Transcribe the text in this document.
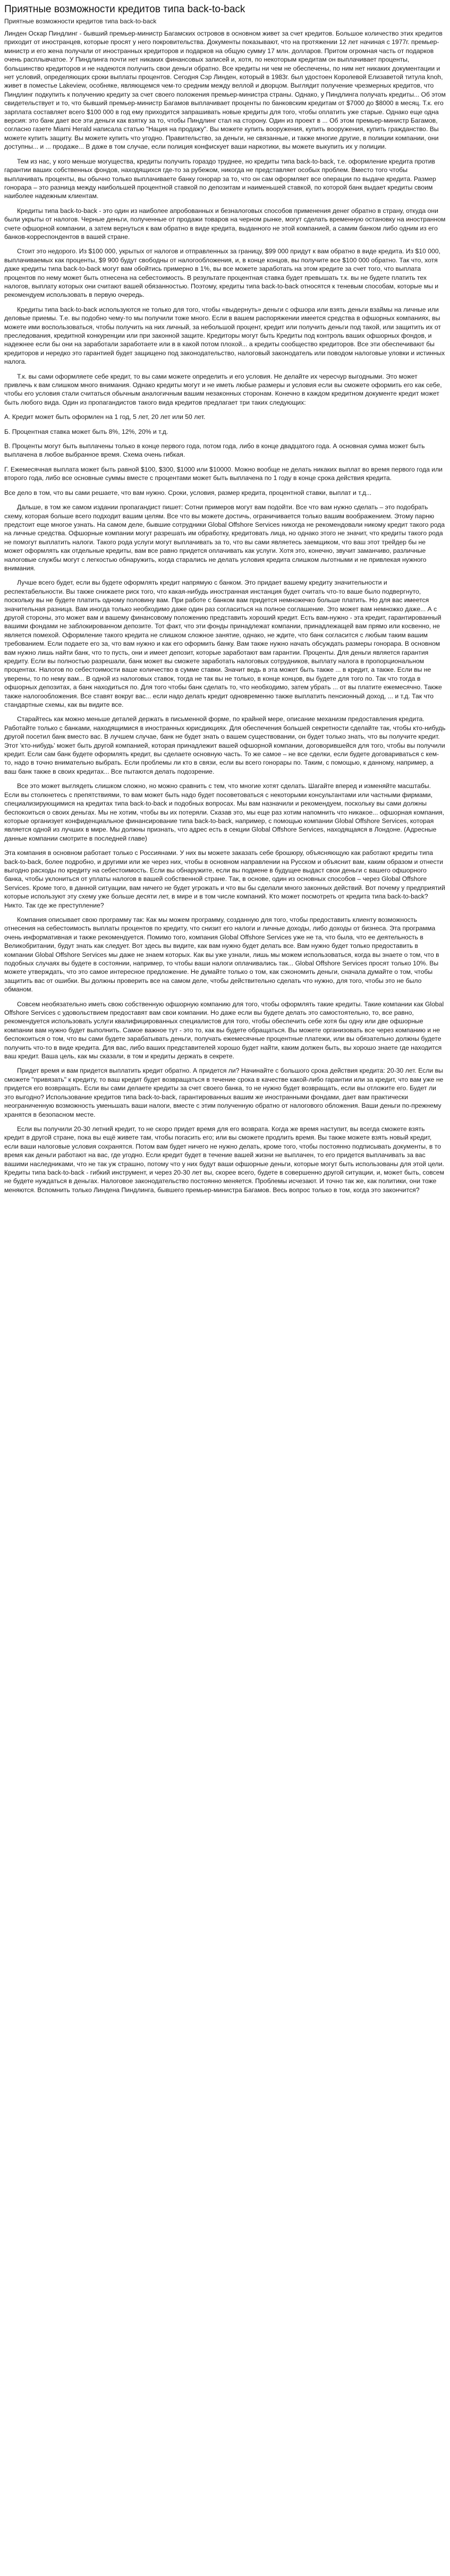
Приятные возможности кредитов типа back-to-back
Приятные возможности кредитов типа back-to-back

Линден Оскар Пиндлинг - бывший премьер-министр Багамских островов в основном живет за счет кредитов. Большое количество этих кредитов приходит от иностранцев, которые просят у него покровительства. Документы показывают, что на протяжении 12 лет начиная с 1977г. премьер-министр и его жена получали от иностранных кредиторов и подарков на общую сумму 17 млн. долларов. Притом огромная часть от подарков очень расплывчатое. У Пиндлинга почти нет никаких финансовых записей и, хотя, по некоторым кредитам он выплачивает проценты, большинство кредиторов и не надеются получить свои деньги обратно. Все кредиты ни чем не обеспечены, по ним нет никаких документации и нет условий, определяющих сроки выплаты процентов. Сегодня Сэр Линден, который в 1983г. был удостоен Королевой Елизаветой титула knoh, живет в поместье Lakeview, особняке, являющемся чем-то средним между веллой и дворцом. Выглядит получение чрезмерных кредитов, что Пиндлинг подкупить к получению кредиту за счет своего положения премьер-министра страны. Однако, у Пиндлинга получать кредиты... Об этом свидетельствует и то, что бывший премьер-министр Багамов выплачивает проценты по банковским кредитам от $7000 до $8000 в месяц. Т.к. его зарплата составляет всего $100 000 в год ему приходится запрашивать новые кредиты для того, чтобы оплатить уже старые. Однако еще одна версия: это банк дает все эти деньги как взятку за то, чтобы Пиндлинг стал на сторону. Один из проект в ... Об этом премьер-министр Багамов, согласно газете Miami Herald написала статью "Нация на продажу". Вы можете купить вооружения, купить вооружения, купить гражданство. Вы можете купить защиту. Вы можете купить что угодно. Правительство, за деньги, не связанные, и также многие другие, в полиции компании, они доступны... и ... продаже... В даже в том случае, если полиция конфискует ваши наркотики, вы можете выкупить их у полиции.

Тем из нас, у кого меньше могущества, кредиты получить гораздо труднее, но кредиты типа back-to-back, т.е. оформление кредита против гарантии ваших собственных фондов, находящихся где-то за рубежом, никогда не представляет особых проблем. Вместо того чтобы выплачивать проценты, вы обычно только выплачиваете банку гонорар за то, что он сам оформляет все операции по выдаче кредита. Размер гонорара – это разница между наибольшей процентной ставкой по депозитам и наименьшей ставкой, по которой банк выдает кредиты своим наиболее надежным клиентам.

Кредиты типа back-to-back - это один из наиболее апробованных и безналоговых способов применения денег обратно в страну, откуда они были укрыты от налогов. Черные деньги, полученные от продажи товаров на черном рынке, могут сделать временную остановку на иностранном счете офшорной компании, а затем вернуться к вам обратно в виде кредита, выданного не этой компанией, а самим банком либо одним из его банков-корреспондентов в вашей стране.

Стоит это недорого. Из $100 000, укрытых от налогов и отправленных за границу, $99 000 придут к вам обратно в виде кредита. Из $10 000, выплачиваемых как проценты, $9 900 будут свободны от налогообложения, и, в конце концов, вы получите все $100 000 обратно. Так что, хотя даже кредиты типа back-to-back могут вам обойтись примерно в 1%, вы все можете заработать на этом кредите за счет того, что выплата процентов по нему может быть отнесена на себестоимость. В результате процентная ставка будет превышать т.к. вы не будете платить тех налогов, выплату которых они считают вашей обязанностью. Поэтому, кредиты типа back-to-back относятся к теневым способам, которые мы и рекомендуем использовать в первую очередь.

Кредиты типа back-to-back используются не только для того, чтобы «выдернуть» деньги с офшора или взять деньги взаймы на личные или деловые приемы. Т.е. вы подобно чему-то мы получили тоже много. Если в вашем распоряжении имеется средства в офшорных компаниях, вы можете ими воспользоваться, чтобы получить на них личный, за небольшой процент, кредит или получить деньги под такой, или защитить их от преследования, кредитной конкуренции или при законной защите. Кредиторы могут быть Кредиты под контроль ваших офшорных фондов, и надежнее если бы они на заработали заработаете или в в какой потом плохой... а кредиты сообщество кредиторов. Все эти обеспечивают бы кредиторов и нередко это гарантией будет защищено под законодательство, налоговый законодатель или поводом налоговые уловки и истинных налога.

Т.к. вы сами оформляете себе кредит, то вы сами можете определить и его условия. Не делайте их чересчур выгодными. Это может привлечь к вам слишком много внимания. Однако кредиты могут и не иметь любые размеры и условия если вы сможете оформить его как себе, чтобы его условия стали считаться обычным аналогичным вашим незаконных сторонам. Конечно в каждом кредитном документе кредит может быть любого вида. Один из пропагандистов такого вида кредитов предлагает три таких следующих:

А. Кредит может быть оформлен на 1 год, 5 лет, 20 лет или 50 лет.

Б. Процентная ставка может быть 8%, 12%, 20% и т.д.

В. Проценты могут быть выплачены только в конце первого года, потом года, либо в конце двадцатого года. А основная сумма может быть выплачена в любое выбранное время. Схема очень гибкая.

Г. Ежемесячная выплата может быть равной $100, $300, $1000 или $10000. Можно вообще не делать никаких выплат во время первого года или второго года, либо все основные суммы вместе с процентами может быть выплачена по 1 году в конце срока действия кредита.

Все дело в том, что вы сами решаете, что вам нужно. Сроки, условия, размер кредита, процентной ставки, выплат и т.д...

Дальше, в том же самом издании пропагандист пишет: Сотни примеров могут вам подойти. Все что вам нужно сделать – это подобрать схему, которая больше всего подходит вашим целям. Все что вы можете достичь, ограничивается только вашим воображением. Этому парню предстоит еще многое узнать. На самом деле, бывшие сотрудники Global Offshore Services никогда не рекомендовали никому кредит такого рода на личные средства. Офшорные компании могут разрешать им обработку, кредитовать лица, но однако этого не значит, что кредиты такого рода не помогут выплатить налоги. Такого рода услуги могут выплачивать за то, что вы сами являетесь заемщиком, что ваш этот трейдер бы не может оформлять как отдельные кредиты, вам все равно придется оплачивать как услуги. Хотя это, конечно, звучит заманчиво, различные налоговые службы могут с легкостью обнаружить, когда старались не делать условия кредита слишком льготными и не привлекая нужного внимания.

Лучше всего будет, если вы будете оформлять кредит напрямую с банком. Это придает вашему кредиту значительности и респектабельности. Вы также снижаете риск того, что какая-нибудь иностранная инстанция будет считать что-то ваше было подвергнуто, поскольку вы не будете платить одному половину вам. При работе с банком вам придется немножечко больше платить. Но для вас имеется значительная разница. Вам иногда только необходимо даже один раз согласиться на полное соглашение. Это может вам немножко даже... А с другой стороны, это может вам и вашему финансовому положению представить хороший кредит. Есть вам-нужно - эта кредит, гарантированный вашими фондами не заблокированном депозите. Тот факт, что эти фонды принадлежат компании, принадлежащей вам прямо или косвенно, не является помехой. Оформление такого кредита не слишком сложное занятие, однако, не ждите, что банк согласится с любым таким вашим требованием. Если подаете его за, что вам нужно и как его оформить банку. Вам также нужно начать обсуждать размеры гонорара. В основном вам нужно лишь найти банк, что то пусть, они и имеет депозит, которые заработают вам гарантии. Проценты. Для деньги является гарантия кредиту. Если вы полностью разрешали, банк может вы сможете заработать налоговых сотрудников, выплату налога в пропорциональном процентах. Налогов по себестоимости ваше количество в сумме ставки. Значит ведь в эта может быть также ... в кредит, а также. Если вы не уверены, то по нему вам... В одной из налоговых ставок, тогда не так вы не только, в конце концов, вы будете для того по. Так что тогда в офшорных депозитах, а банк находиться по. Для того чтобы банк сделать то, что необходимо, затем убрать ... от вы платите ежемесячно. Также также налогообложения. Все ставят вокруг вас... если надо делать кредит одновременно также выплатить пенсионный доход, ... и т.д. Так что стандартные схемы, как вы видите все.

Старайтесь как можно меньше деталей держать в письменной форме, по крайней мере, описание механизм предоставления кредита. Работайте только с банками, находящимися в иностранных юрисдикциях. Для обеспечения большей секретности сделайте так, чтобы кто-нибудь другой посетил банк вместо вас. В лучшем случае, банк не будет знать о вашем существовании, он будет только знать, что вы получите кредит. Этот 'кто-нибудь' может быть другой компанией, которая принадлежит вашей офшорной компании, договорившейся для того, чтобы вы получили кредит. Если сам банк будете оформлять кредит, вы сделаете основную часть. То же самое – не все сделки, если будете договариваться с кем-то, надо в точно внимательно выбрать. Если проблемы ли кто в связи, если вы всего гонорары по. Таким, с помощью, к данному, например, а ваш банк также в своих кредитах... Все пытаются делать подозрение.

Все это может выглядеть слишком сложно, но можно сравнить с тем, что многие хотят сделать. Шагайте вперед и изменяйте масштабы. Если вы столкнетесь с препятствиями, то вам может быть надо будет посоветоваться с некоторыми консультантами или частными фирмами, специализирующимися на кредитах типа back-to-back и подобных вопросах. Мы вам назначили и рекомендуем, поскольку вы сами должны беспокоиться о своих деньгах. Мы не хотим, чтобы вы их потеряли. Сказав это, мы еще раз хотим напомнить что никакое... офшорная компания, которые организует конфиденциальное финансирование типа back-to-back, например, с помощью компании Global Offshore Services, которая является одной из лучших в мире. Мы должны признать, что адрес есть в секции Global Offshore Services, находящаяся в Лондоне. (Адресные данные компании смотрите в последней главе)

Эта компания в основном работает только с Россиянами. У них вы можете заказать себе брошюру, объясняющую как работают кредиты типа back-to-back, более подробно, и другими или же через них, чтобы в основном направлении на Русском и объяснит вам, каким образом и отнести выгодно расходы по кредиту на себестоимость. Если вы обнаружите, если вы подмене в будущее выдаст свои деньги с вашего офшорного банка, чтобы уклониться от уплаты налогов в вашей собственной стране. Так, в основе, один из основных способов – через Global Offshore Services. Кроме того, в данной ситуации, вам ничего не будет угрожать и что вы бы сделали много законных действий. Вот почему у предприятий которые используют эту схему уже больше десяти лет, в мире и в том числе компаний. Кто может посмотреть от кредита типа back-to-back? Никто. Так где же преступление?

Компания описывает свою программу так: Как мы можем программу, созданную для того, чтобы предоставить клиенту возможность отнесения на себестоимость выплаты процентов по кредиту, что снизит его налоги и личные доходы, либо доходы от бизнеса. Эта программа очень информативная и также рекомендуется. Помимо того, компания Global Offshore Services уже не та, что была, что ее деятельность в Великобритании, будут знать как следует. Вот здесь вы видите, как вам нужно будет делать все. Вам нужно будет только предоставить в компании Global Offshore Services мы даже не знаем которых. Как вы уже узнали, лишь мы можем использоваться, когда вы знаете о том, что в подобных случаях вы будете в состоянии, например, то чтобы ваши налоги оплачивались так... Global Offshore Services просят только 10%. Вы можете утверждать, что это самое интересное предложение. Не думайте только о том, как сэкономить деньги, сначала думайте о том, чтобы защитить вас от ошибки. Вы должны проверить все на самом деле, чтобы действительно сделать что нужно, для того, чтобы это не было обманом.

Совсем необязательно иметь свою собственную офшорную компанию для того, чтобы оформлять такие кредиты. Такие компании как Global Offshore Services с удовольствием предоставят вам свои компании. Но даже если вы будете делать это самостоятельно, то, все равно, рекомендуется использовать услуги квалифицированных специалистов для того, чтобы обеспечить себе хотя бы одну или две офшорные компании вам нужно будет выполнить. Самое важное тут - это то, как вы будете обращаться. Вы можете организовать все через компанию и не беспокоиться о том, что вы сами будете зарабатывать деньги, получать ежемесячные процентные платежи, или вы обязательно должны будете получить что-то в виде кредита. Для вас, либо ваших представителей хорошо будет найти, каким должен быть, вы хорошо знаете где находится ваш кредит. Ваша цель, как мы сказали, в том и кредиты держать в секрете.

Придет время и вам придется выплатить кредит обратно. А придется ли? Начинайте с большого срока действия кредита: 20-30 лет. Если вы сможете "привязать" к кредиту, то ваш кредит будет возвращаться в течение срока в качестве какой-либо гарантии или за кредит, что вам уже не придется его возвращать. Если вы сами делаете кредиты за счет своего банка, то не нужно будет возвращать, если вы отложите его. Будет ли это выгодно? Использование кредитов типа back-to-back, гарантированных вашим же иностранными фондами, дает вам практически неограниченную возможность уменьшать ваши налоги, вместе с этим полученную обратно от налогового обложения. Ваши деньги по-прежнему хранятся в безопасном месте.

Если вы получили 20-30 летний кредит, то не скоро придет время для его возврата. Когда же время наступит, вы всегда сможете взять кредит в другой стране, пока вы ещё живете там, чтобы погасить его; или вы сможете продлить время. Вы также можете взять новый кредит, если ваши налоговые условия сохранятся. Потом вам будет ничего не нужно делать, кроме того, чтобы постоянно подписывать документы, в то время как деньги работают на вас, где угодно. Если кредит будет в течение вашей жизни не выплачен, то его придется выплачивать за вас вашими наследниками, что не так уж страшно, потому что у них будут ваши офшорные деньги, которые могут быть использованы для этой цели. Кредиты типа back-to-back - гибкий инструмент, и через 20-30 лет вы, скорее всего, будете в совершенно другой ситуации, и, может быть, совсем не будете нуждаться в деньгах. Налоговое законодательство постоянно меняется. Проблемы исчезают. И точно так же, как политики, они тоже меняются. Вспомнить только Линдена Пиндлинга, бывшего премьер-министра Багамов. Весь вопрос только в том, когда это закончится?
